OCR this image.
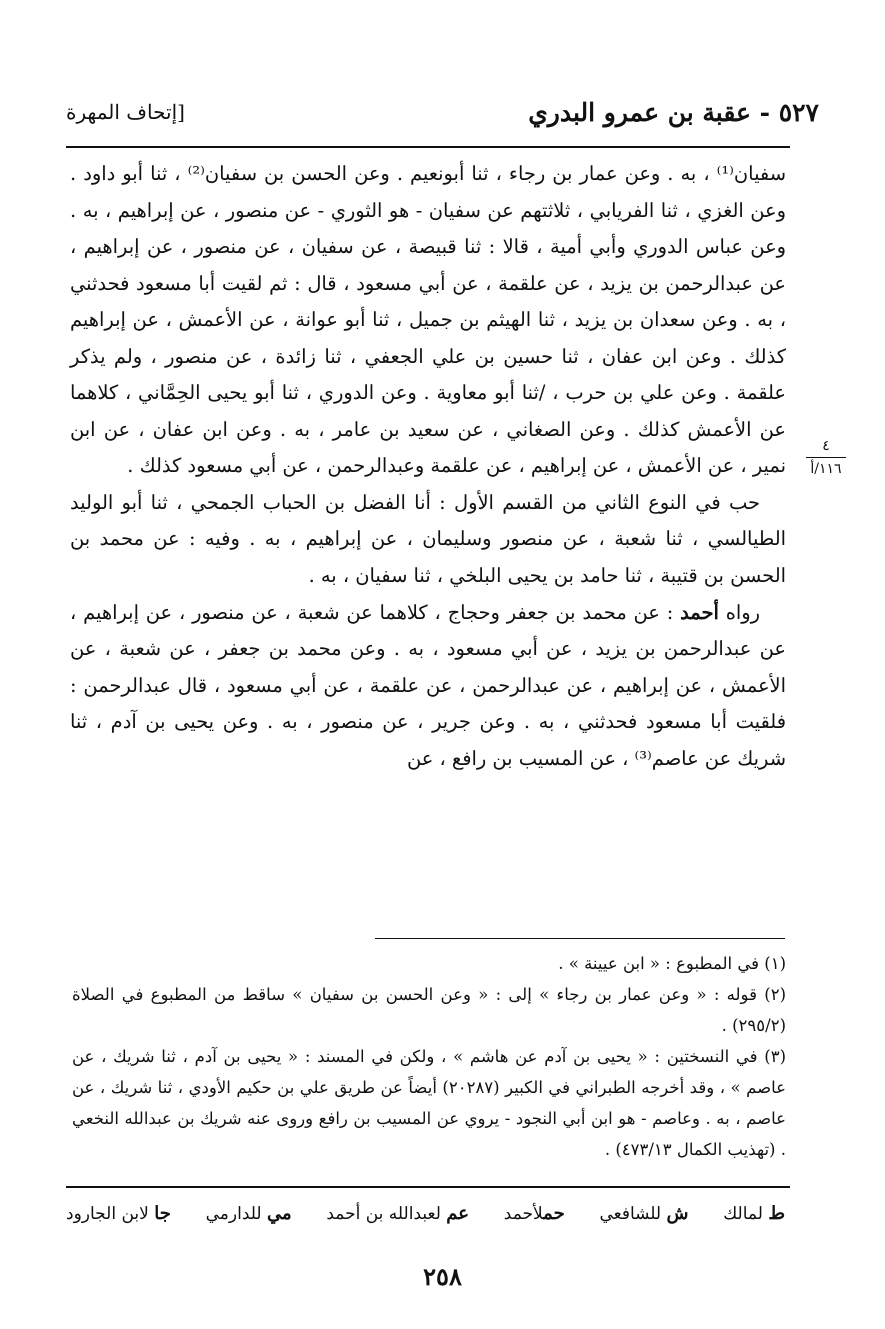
٥٢٧ - عقبة بن عمرو البدري
[إتحاف المهرة
٤
١١٦/أ

سفيان⁽¹⁾ ، به . وعن عمار بن رجاء ، ثنا أبونعيم . وعن الحسن بن سفيان⁽²⁾ ، ثنا أبو داود . وعن الغزي ، ثنا الفريابي ، ثلاثتهم عن سفيان - هو الثوري - عن منصور ، عن إبراهيم ، به . وعن عباس الدوري وأبي أمية ، قالا : ثنا قبيصة ، عن سفيان ، عن منصور ، عن إبراهيم ، عن عبدالرحمن بن يزيد ، عن علقمة ، عن أبي مسعود ، قال : ثم لقيت أبا مسعود فحدثني ، به . وعن سعدان بن يزيد ، ثنا الهيثم بن جميل ، ثنا أبو عوانة ، عن الأعمش ، عن إبراهيم كذلك . وعن ابن عفان ، ثنا حسين بن علي الجعفي ، ثنا زائدة ، عن منصور ، ولم يذكر علقمة . وعن علي بن حرب ، /ثنا أبو معاوية . وعن الدوري ، ثنا أبو يحيى الحِمَّاني ، كلاهما عن الأعمش كذلك . وعن الصغاني ، عن سعيد بن عامر ، به . وعن ابن عفان ، عن ابن نمير ، عن الأعمش ، عن إبراهيم ، عن علقمة وعبدالرحمن ، عن أبي مسعود كذلك .

حب في النوع الثاني من القسم الأول : أنا الفضل بن الحباب الجمحي ، ثنا أبو الوليد الطيالسي ، ثنا شعبة ، عن منصور وسليمان ، عن إبراهيم ، به . وفيه : عن محمد بن الحسن بن قتيبة ، ثنا حامد بن يحيى البلخي ، ثنا سفيان ، به .

رواه أحمد : عن محمد بن جعفر وحجاج ، كلاهما عن شعبة ، عن منصور ، عن إبراهيم ، عن عبدالرحمن بن يزيد ، عن أبي مسعود ، به . وعن محمد بن جعفر ، عن شعبة ، عن الأعمش ، عن إبراهيم ، عن عبدالرحمن ، عن علقمة ، عن أبي مسعود ، قال عبدالرحمن : فلقيت أبا مسعود فحدثني ، به . وعن جرير ، عن منصور ، به . وعن يحيى بن آدم ، ثنا شريك عن عاصم⁽³⁾ ، عن المسيب بن رافع ، عن

(١) في المطبوع : « ابن عيينة » .

(٢) قوله : « وعن عمار بن رجاء » إلى : « وعن الحسن بن سفيان » ساقط من المطبوع في الصلاة (٢٩٥/٢) .

(٣) في النسختين : « يحيى بن آدم عن هاشم » ، ولكن في المسند : « يحيى بن آدم ، ثنا شريك ، عن عاصم » ، وقد أخرجه الطبراني في الكبير (٢٠٢٨٧) أيضاً عن طريق علي بن حكيم الأودي ، ثنا شريك ، عن عاصم ، به . وعاصم - هو ابن أبي النجود - يروي عن المسيب بن رافع وروى عنه شريك بن عبدالله النخعي . (تهذيب الكمال ٤٧٣/١٣) .

ط لمالك
ش للشافعي
حملأحمد
عم لعبدالله بن أحمد
مي للدارمي
جا لابن الجارود
٢٥٨
